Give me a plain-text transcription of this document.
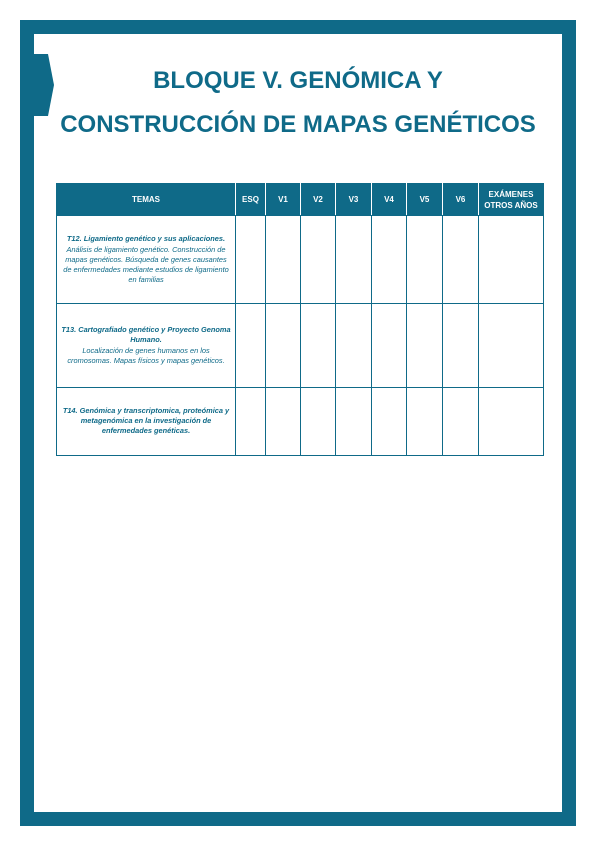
BLOQUE V. GENÓMICA Y
CONSTRUCCIÓN DE MAPAS GENÉTICOS
TEMAS	ESQ	V1	V2	V3	V4	V5	V6	EXÁMENES
OTROS AÑOS

T12. Ligamiento genético y sus aplicaciones.
Análisis de ligamiento genético. Construcción de mapas genéticos. Búsqueda de genes causantes de enfermedades mediante estudios de ligamiento en familias								

T13. Cartografiado genético y Proyecto Genoma Humano.
Localización de genes humanos en los cromosomas. Mapas físicos y mapas genéticos.								

T14. Genómica y transcriptomica, proteómica y metagenómica en la investigación de enfermedades genéticas.								
